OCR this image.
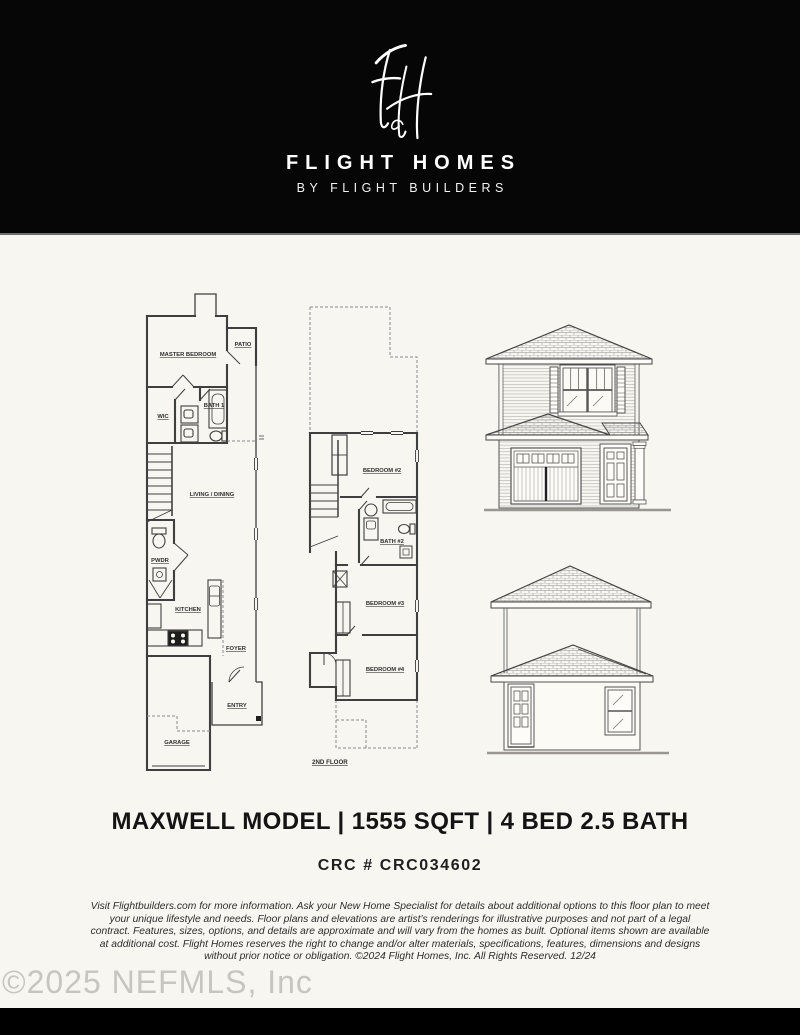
FLIGHT HOMES
BY FLIGHT BUILDERS
MASTER BEDROOM
PATIO
WIC
BATH 1
LIVING / DINING
PWDR
KITCHEN
FOYER
ENTRY
GARAGE
BEDROOM #2
BATH #2
BEDROOM #3
BEDROOM #4
2ND FLOOR
MAXWELL MODEL | 1555 SQFT | 4 BED 2.5 BATH
CRC # CRC034602

Visit Flightbuilders.com for more information. Ask your New Home Specialist for details about additional options to this floor plan to meet your unique lifestyle and needs. Floor plans and elevations are artist's renderings for illustrative purposes and not part of a legal contract. Features, sizes, options, and details are approximate and will vary from the homes as built. Optional items shown are available at additional cost. Flight Homes reserves the right to change and/or alter materials, specifications, features, dimensions and designs without prior notice or obligation. ©2024 Flight Homes, Inc. All Rights Reserved. 12/24

©2025 NEFMLS, Inc
